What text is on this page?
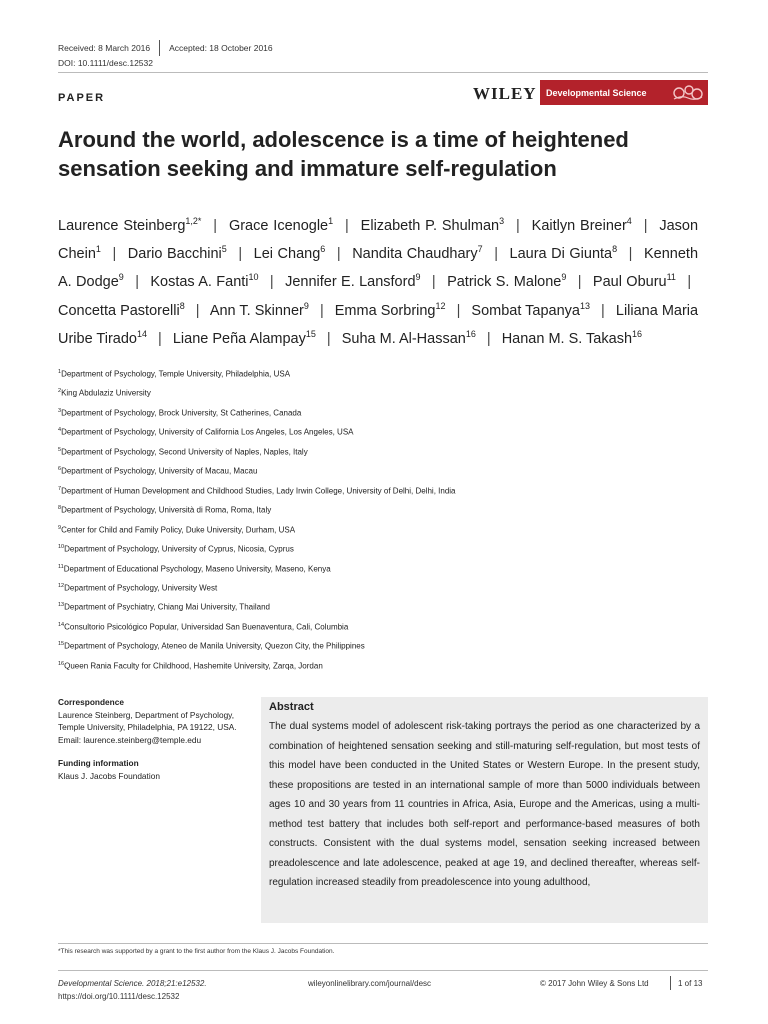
Received: 8 March 2016 Accepted: 18 October 2016
DOI: 10.1111/desc.12532
PAPER	WILEY Developmental Science
Around the world, adolescence is a time of heightened sensation seeking and immature self-regulation
Laurence Steinberg$^{1,2*}$ | Grace Icenogle$^1$ | Elizabeth P. Shulman$^3$ | Kaitlyn Breiner$^4$ | Jason Chein$^1$ | Dario Bacchini$^5$ | Lei Chang$^6$ | Nandita Chaudhary$^7$ | Laura Di Giunta$^8$ | Kenneth A. Dodge$^9$ | Kostas A. Fanti$^{10}$ | Jennifer E. Lansford$^9$ | Patrick S. Malone$^9$ | Paul Oburu$^{11}$ | Concetta Pastorelli$^8$ | Ann T. Skinner$^9$ | Emma Sorbring$^{12}$ | Sombat Tapanya$^{13}$ | Liliana Maria Uribe Tirado$^{14}$ | Liane Peña Alampay$^{15}$ | Suha M. Al-Hassan$^{16}$ | Hanan M. S. Takash$^{16}$
$^1$Department of Psychology, Temple University, Philadelphia, USA
$^2$King Abdulaziz University
$^3$Department of Psychology, Brock University, St Catherines, Canada
$^4$Department of Psychology, University of California Los Angeles, Los Angeles, USA
$^5$Department of Psychology, Second University of Naples, Naples, Italy
$^6$Department of Psychology, University of Macau, Macau
$^7$Department of Human Development and Childhood Studies, Lady Irwin College, University of Delhi, Delhi, India
$^8$Department of Psychology, Università di Roma, Roma, Italy
$^9$Center for Child and Family Policy, Duke University, Durham, USA
$^{10}$Department of Psychology, University of Cyprus, Nicosia, Cyprus
$^{11}$Department of Educational Psychology, Maseno University, Maseno, Kenya
$^{12}$Department of Psychology, University West
$^{13}$Department of Psychiatry, Chiang Mai University, Thailand
$^{14}$Consultorio Psicológico Popular, Universidad San Buenaventura, Cali, Columbia
$^{15}$Department of Psychology, Ateneo de Manila University, Quezon City, the Philippines
$^{16}$Queen Rania Faculty for Childhood, Hashemite University, Zarqa, Jordan
Correspondence
Laurence Steinberg, Department of Psychology, Temple University, Philadelphia, PA 19122, USA.
Email: laurence.steinberg@temple.edu
Funding information
Klaus J. Jacobs Foundation
Abstract
The dual systems model of adolescent risk-taking portrays the period as one characterized by a combination of heightened sensation seeking and still-maturing self-regulation, but most tests of this model have been conducted in the United States or Western Europe. In the present study, these propositions are tested in an international sample of more than 5000 individuals between ages 10 and 30 years from 11 countries in Africa, Asia, Europe and the Americas, using a multi-method test battery that includes both self-report and performance-based measures of both constructs. Consistent with the dual systems model, sensation seeking increased between preadolescence and late adolescence, peaked at age 19, and declined thereafter, whereas self-regulation increased steadily from preadolescence into young adulthood,
*This research was supported by a grant to the first author from the Klaus J. Jacobs Foundation.
Developmental Science. 2018;21:e12532.
https://doi.org/10.1111/desc.12532
wileyonlinelibrary.com/journal/desc	© 2017 John Wiley & Sons Ltd	1 of 13
